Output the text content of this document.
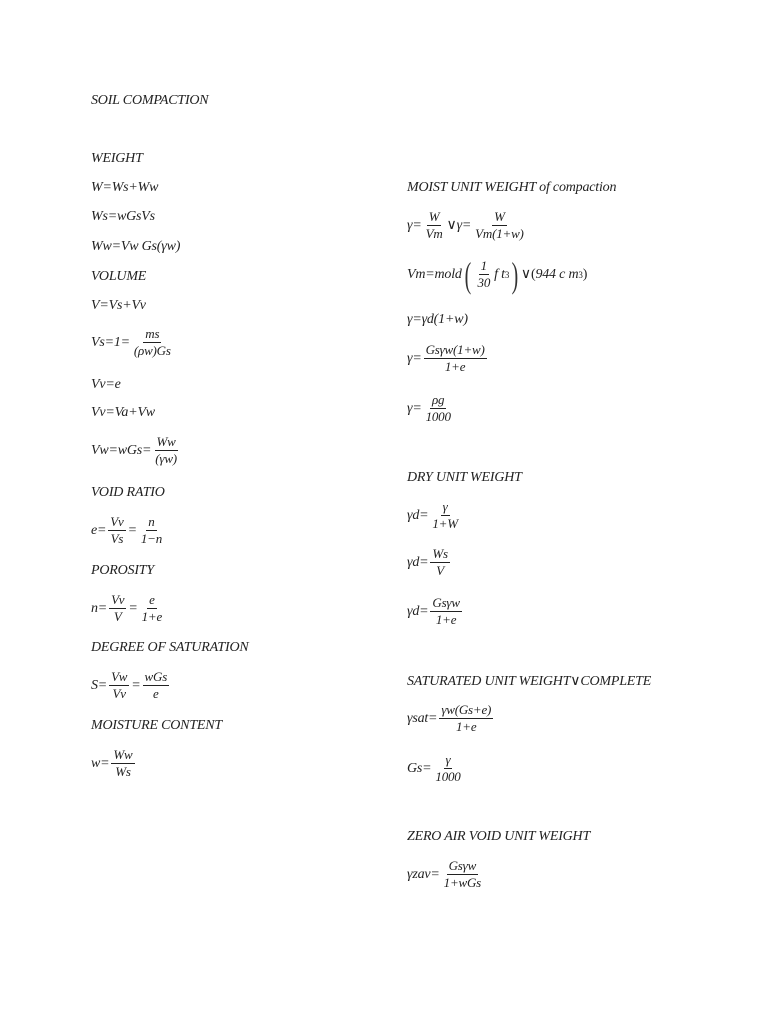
SOIL COMPACTION
WEIGHT
W=Ws+Ww
Ws=wGsVs
Ww=Vw Gs(γw)
VOLUME
V=Vs+Vv
$Vs=1= \frac{ms}{(\rho w)Gs}$
Vv=e
Vv=Va+Vw
$Vw=wGs= \frac{Ww}{(\gamma w)}$
VOID RATIO
$e= \frac{Vv}{Vs} = \frac{n}{1-n}$
POROSITY
$n= \frac{Vv}{V} = \frac{e}{1+e}$
DEGREE OF SATURATION
$S= \frac{Vw}{Vv} = \frac{\text{wGs}}{e}$
MOISTURE CONTENT
$w= \frac{Ww}{Ws}$
MOIST UNIT WEIGHT of compaction
$\gamma= \frac{W}{Vm}$ ∨γ= $\frac{W}{Vm(1+w)}$
Vm=mold ( $\frac{1}{30}$ f t 3 ) ∨ ( 944 c m 3 )
γ=γd(1+w)
$\gamma= \frac{\text{Gsγw(1+w)}}{1+e}$
$\gamma= \frac{\rho g}{1000}$
DRY UNIT WEIGHT
$\gamma d= \frac{\gamma}{1+W}$
$\gamma d= \frac{Ws}{V}$
$\gamma d= \frac{\text{Gsγw}}{1+e}$
SATURATED UNIT WEIGHT∨COMPLETE
$\gamma sat= \frac{\gamma w(Gs+e)}{1+e}$
$Gs= \frac{\gamma}{1000}$
ZERO AIR VOID UNIT WEIGHT
$\gamma zav= \frac{\text{Gsγw}}{\text{1+wGs}}$
